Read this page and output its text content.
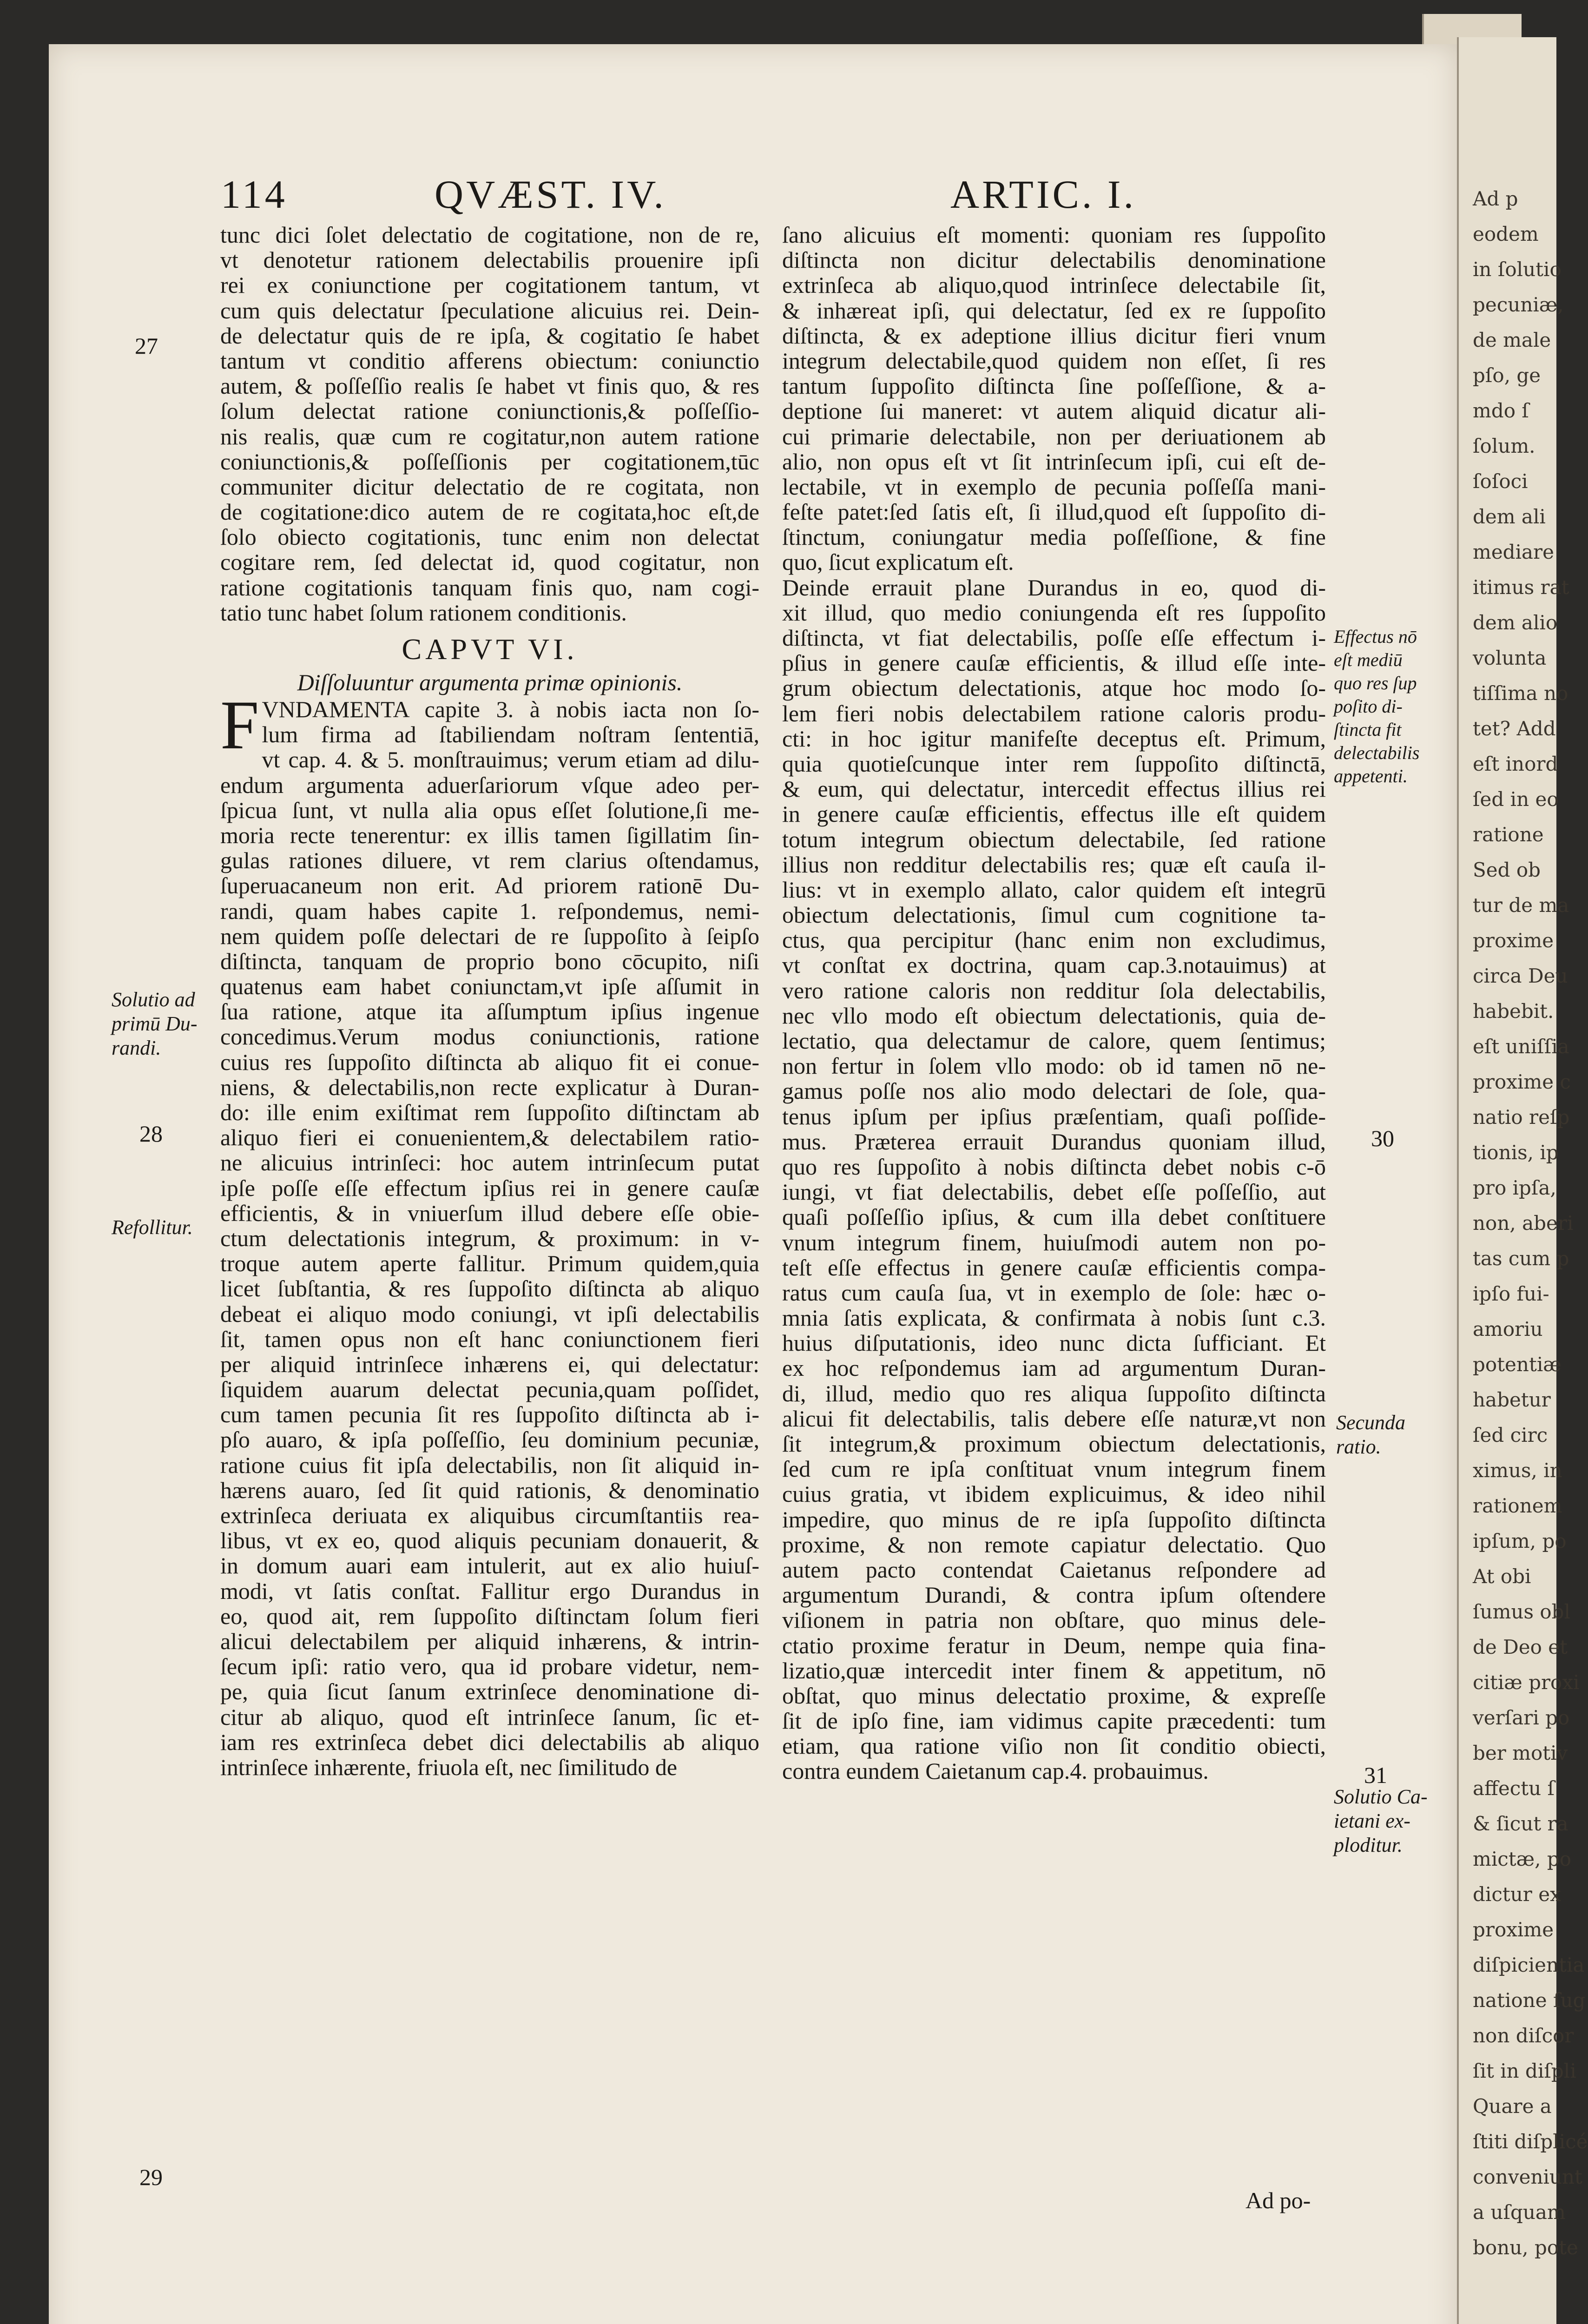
Ad p
eodem
in ſolutio
pecuniæ,
de male
pſo, ge
mdo ſ
ſolum.
ſoſoci
dem ali
mediare
itimus rat
dem alio
volunta
tiſſima no
tet? Add
eſt inord
ſed in eo
ratione
Sed ob
tur de ma
proxime
circa Deu
habebit.
eſt uniſſia
proxime c
natio reſp
tionis, ip
pro ipſa,
non, aberi
tas cum p
ipſo fui-
amoriu
potentiæ
habetur
ſed circ
ximus, in
rationem
ipſum, po
At obi
ſumus obl
de Deo et
citiæ proxi
verſari po
ber motiv
affectu ſ
& ſicut ra
mictæ, po
dictur ex
proxime
diſpicientia
natione ſug
non diſcor
ſit in diſpli
Quare a
ſtiti diſplicé
conveniunt
a uſquam
bonu, pote
114	QVÆST. IV.	ARTIC. I.
tunc dici ſolet delectatio de cogitatione, non de re,
vt denotetur rationem delectabilis prouenire ipſi
rei ex coniunctione per cogitationem tantum, vt
cum quis delectatur ſpeculatione alicuius rei. Dein-
de delectatur quis de re ipſa, & cogitatio ſe habet
tantum vt conditio afferens obiectum: coniunctio
autem, & poſſeſſio realis ſe habet vt finis quo, & res
ſolum delectat ratione coniunctionis,& poſſeſſio-
nis realis, quæ cum re cogitatur,non autem ratione
coniunctionis,& poſſeſſionis per cogitationem,tūc
communiter dicitur delectatio de re cogitata, non
de cogitatione:dico autem de re cogitata,hoc eſt,de
ſolo obiecto cogitationis, tunc enim non delectat
cogitare rem, ſed delectat id, quod cogitatur, non
ratione cogitationis tanquam finis quo, nam cogi-
tatio tunc habet ſolum rationem conditionis.
CAPVT VI.
Diſſoluuntur argumenta primæ opinionis.
F VNDAMENTA capite 3. à nobis iacta non ſo-
lum firma ad ſtabiliendam noſtram ſententiā,
vt cap. 4. & 5. monſtrauimus; verum etiam ad dilu-
endum argumenta aduerſariorum vſque adeo per-
ſpicua ſunt, vt nulla alia opus eſſet ſolutione,ſi me-
moria recte tenerentur: ex illis tamen ſigillatim ſin-
gulas rationes diluere, vt rem clarius oſtendamus,
ſuperuacaneum non erit. Ad priorem rationē Du-
randi, quam habes capite 1. reſpondemus, nemi-
nem quidem poſſe delectari de re ſuppoſito à ſeipſo
diſtincta, tanquam de proprio bono cōcupito, niſi
quatenus eam habet coniunctam,vt ipſe aſſumit in
ſua ratione, atque ita aſſumptum ipſius ingenue
concedimus.Verum modus coniunctionis, ratione
cuius res ſuppoſito diſtincta ab aliquo fit ei conue-
niens, & delectabilis,non recte explicatur à Duran-
do: ille enim exiſtimat rem ſuppoſito diſtinctam ab
aliquo fieri ei conuenientem,& delectabilem ratio-
ne alicuius intrinſeci: hoc autem intrinſecum putat
ipſe poſſe eſſe effectum ipſius rei in genere cauſæ
efficientis, & in vniuerſum illud debere eſſe obie-
ctum delectationis integrum, & proximum: in v-
troque autem aperte fallitur. Primum quidem,quia
licet ſubſtantia, & res ſuppoſito diſtincta ab aliquo
debeat ei aliquo modo coniungi, vt ipſi delectabilis
ſit, tamen opus non eſt hanc coniunctionem fieri
per aliquid intrinſece inhærens ei, qui delectatur:
ſiquidem auarum delectat pecunia,quam poſſidet,
cum tamen pecunia ſit res ſuppoſito diſtincta ab i-
pſo auaro, & ipſa poſſeſſio, ſeu dominium pecuniæ,
ratione cuius fit ipſa delectabilis, non ſit aliquid in-
hærens auaro, ſed ſit quid rationis, & denominatio
extrinſeca deriuata ex aliquibus circumſtantiis rea-
libus, vt ex eo, quod aliquis pecuniam donauerit, &
in domum auari eam intulerit, aut ex alio huiuſ-
modi, vt ſatis conſtat. Fallitur ergo Durandus in
eo, quod ait, rem ſuppoſito diſtinctam ſolum fieri
alicui delectabilem per aliquid inhærens, & intrin-
ſecum ipſi: ratio vero, qua id probare videtur, nem-
pe, quia ſicut ſanum extrinſece denominatione di-
citur ab aliquo, quod eſt intrinſece ſanum, ſic et-
iam res extrinſeca debet dici delectabilis ab aliquo
intrinſece inhærente, friuola eſt, nec ſimilitudo de
ſano alicuius eſt momenti: quoniam res ſuppoſito
diſtincta non dicitur delectabilis denominatione
extrinſeca ab aliquo,quod intrinſece delectabile ſit,
& inhæreat ipſi, qui delectatur, ſed ex re ſuppoſito
diſtincta, & ex adeptione illius dicitur fieri vnum
integrum delectabile,quod quidem non eſſet, ſi res
tantum ſuppoſito diſtincta ſine poſſeſſione, & a-
deptione ſui maneret: vt autem aliquid dicatur ali-
cui primarie delectabile, non per deriuationem ab
alio, non opus eſt vt ſit intrinſecum ipſi, cui eſt de-
lectabile, vt in exemplo de pecunia poſſeſſa mani-
feſte patet:ſed ſatis eſt, ſi illud,quod eſt ſuppoſito di-
ſtinctum, coniungatur media poſſeſſione, & fine
quo, ſicut explicatum eſt.
Deinde errauit plane Durandus in eo, quod di-
xit illud, quo medio coniungenda eſt res ſuppoſito
diſtincta, vt fiat delectabilis, poſſe eſſe effectum i-
pſius in genere cauſæ efficientis, & illud eſſe inte-
grum obiectum delectationis, atque hoc modo ſo-
lem fieri nobis delectabilem ratione caloris produ-
cti: in hoc igitur manifeſte deceptus eſt. Primum,
quia quotieſcunque inter rem ſuppoſito diſtinctā,
& eum, qui delectatur, intercedit effectus illius rei
in genere cauſæ efficientis, effectus ille eſt quidem
totum integrum obiectum delectabile, ſed ratione
illius non redditur delectabilis res; quæ eſt cauſa il-
lius: vt in exemplo allato, calor quidem eſt integrū
obiectum delectationis, ſimul cum cognitione ta-
ctus, qua percipitur (hanc enim non excludimus,
vt conſtat ex doctrina, quam cap.3.notauimus) at
vero ratione caloris non redditur ſola delectabilis,
nec vllo modo eſt obiectum delectationis, quia de-
lectatio, qua delectamur de calore, quem ſentimus;
non fertur in ſolem vllo modo: ob id tamen nō ne-
gamus poſſe nos alio modo delectari de ſole, qua-
tenus ipſum per ipſius præſentiam, quaſi poſſide-
mus. Præterea errauit Durandus quoniam illud,
quo res ſuppoſito à nobis diſtincta debet nobis c-ō
iungi, vt fiat delectabilis, debet eſſe poſſeſſio, aut
quaſi poſſeſſio ipſius, & cum illa debet conſtituere
vnum integrum finem, huiuſmodi autem non po-
teſt eſſe effectus in genere cauſæ efficientis compa-
ratus cum cauſa ſua, vt in exemplo de ſole: hæc o-
mnia ſatis explicata, & confirmata à nobis ſunt c.3.
huius diſputationis, ideo nunc dicta ſufficiant. Et
ex hoc reſpondemus iam ad argumentum Duran-
di, illud, medio quo res aliqua ſuppoſito diſtincta
alicui fit delectabilis, talis debere eſſe naturæ,vt non
ſit integrum,& proximum obiectum delectationis,
ſed cum re ipſa conſtituat vnum integrum finem
cuius gratia, vt ibidem explicuimus, & ideo nihil
impedire, quo minus de re ipſa ſuppoſito diſtincta
proxime, & non remote capiatur delectatio. Quo
autem pacto contendat Caietanus reſpondere ad
argumentum Durandi, & contra ipſum oſtendere
viſionem in patria non obſtare, quo minus dele-
ctatio proxime feratur in Deum, nempe quia fina-
lizatio,quæ intercedit inter finem & appetitum, nō
obſtat, quo minus delectatio proxime, & expreſſe
ſit de ipſo fine, iam vidimus capite præcedenti: tum
etiam, qua ratione viſio non ſit conditio obiecti,
contra eundem Caietanum cap.4. probauimus.
27
Solutio ad
primū Du-
randi.
28
Refollitur.
29
Effectus nō
eſt mediū
quo res ſup
poſito di-
ſtincta fit
delectabilis
appetenti.
30
Secunda
ratio.
31
Solutio Ca-
ietani ex-
ploditur.
Ad po-
